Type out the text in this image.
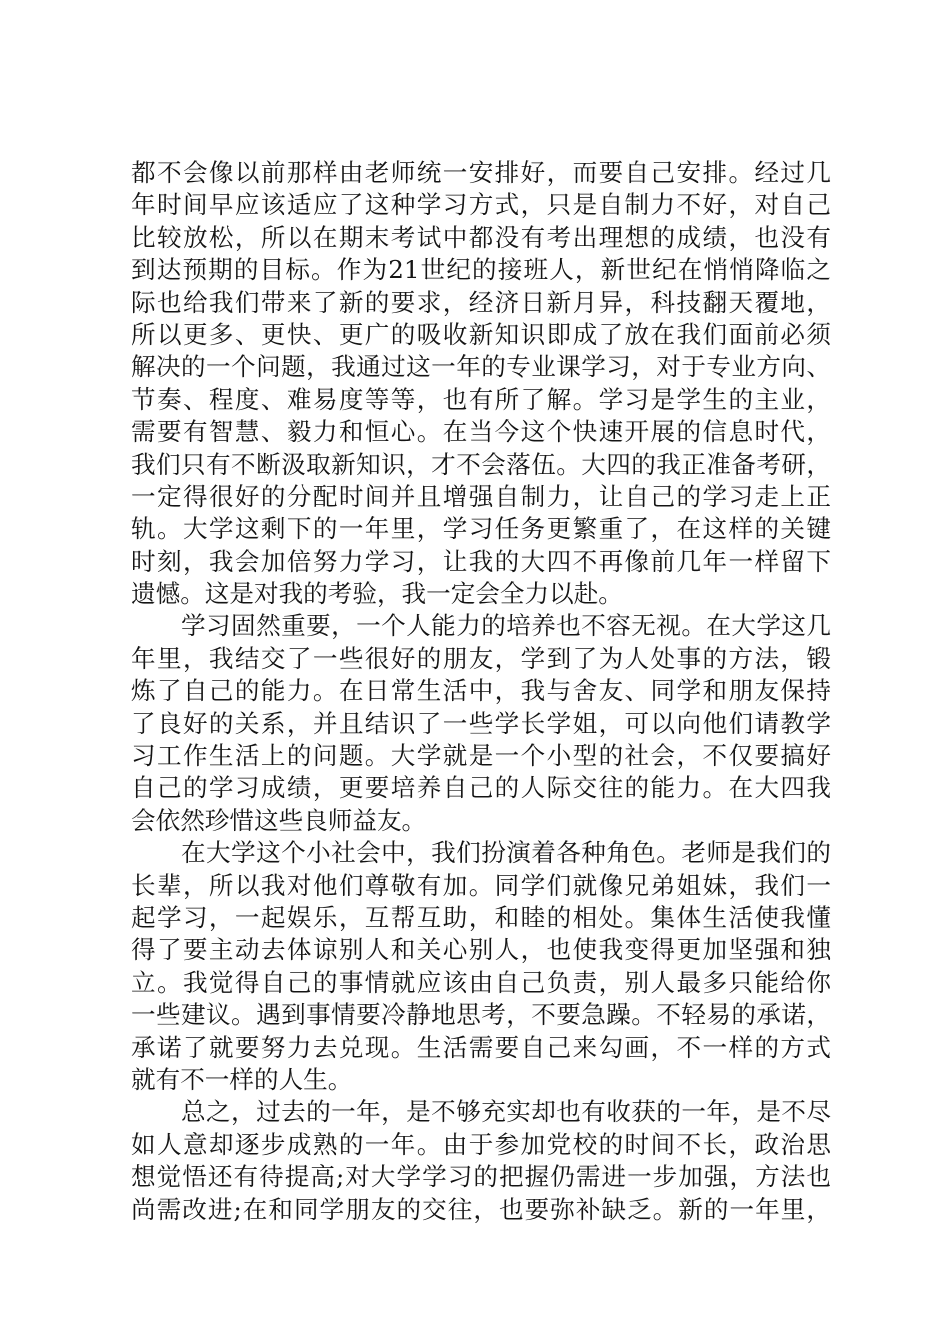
都不会像以前那样由老师统一安排好，而要自己安排。经过几
年时间早应该适应了这种学习方式，只是自制力不好，对自己
比较放松，所以在期末考试中都没有考出理想的成绩，也没有
到达预期的目标。作为21世纪的接班人，新世纪在悄悄降临之
际也给我们带来了新的要求，经济日新月异，科技翻天覆地，
所以更多、更快、更广的吸收新知识即成了放在我们面前必须
解决的一个问题，我通过这一年的专业课学习，对于专业方向、
节奏、程度、难易度等等，也有所了解。学习是学生的主业，
需要有智慧、毅力和恒心。在当今这个快速开展的信息时代，
我们只有不断汲取新知识，才不会落伍。大四的我正准备考研，
一定得很好的分配时间并且增强自制力，让自己的学习走上正
轨。大学这剩下的一年里，学习任务更繁重了，在这样的关键
时刻，我会加倍努力学习，让我的大四不再像前几年一样留下
遗憾。这是对我的考验，我一定会全力以赴。
　　学习固然重要，一个人能力的培养也不容无视。在大学这几
年里，我结交了一些很好的朋友，学到了为人处事的方法，锻
炼了自己的能力。在日常生活中，我与舍友、同学和朋友保持
了良好的关系，并且结识了一些学长学姐，可以向他们请教学
习工作生活上的问题。大学就是一个小型的社会，不仅要搞好
自己的学习成绩，更要培养自己的人际交往的能力。在大四我
会依然珍惜这些良师益友。
　　在大学这个小社会中，我们扮演着各种角色。老师是我们的
长辈，所以我对他们尊敬有加。同学们就像兄弟姐妹，我们一
起学习，一起娱乐，互帮互助，和睦的相处。集体生活使我懂
得了要主动去体谅别人和关心别人，也使我变得更加坚强和独
立。我觉得自己的事情就应该由自己负责，别人最多只能给你
一些建议。遇到事情要冷静地思考，不要急躁。不轻易的承诺，
承诺了就要努力去兑现。生活需要自己来勾画，不一样的方式
就有不一样的人生。
　　总之，过去的一年，是不够充实却也有收获的一年，是不尽
如人意却逐步成熟的一年。由于参加党校的时间不长，政治思
想觉悟还有待提高;对大学学习的把握仍需进一步加强，方法也
尚需改进;在和同学朋友的交往，也要弥补缺乏。新的一年里，
